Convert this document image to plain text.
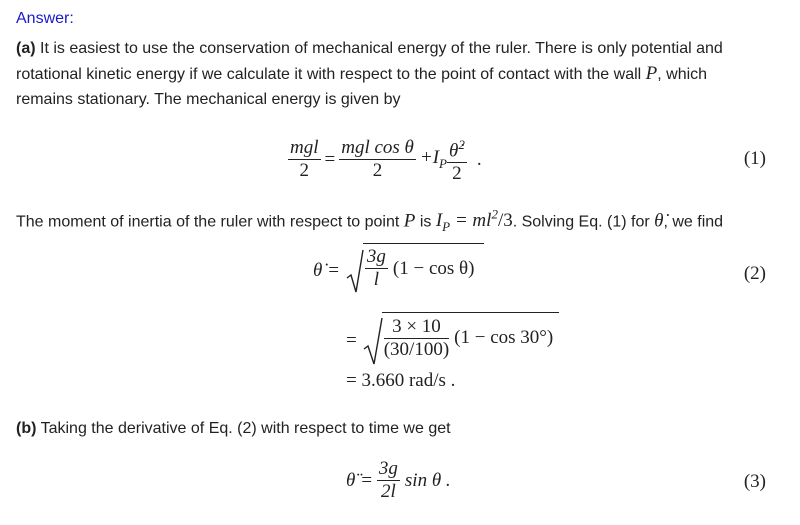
Answer:
(a) It is easiest to use the conservation of mechanical energy of the ruler. There is only potential and rotational kinetic energy if we calculate it with respect to the point of contact with the wall P, which remains stationary. The mechanical energy is given by
$\frac{\text{mgl}}{2} = \frac{\text{mgl cos θ}}{2} +I_P \frac{\thetȧ^2}{2}$ .	(1)
The moment of inertia of the ruler with respect to point P is $I_P = ml^2/3$. Solving Eq. (1) for θ̇, we find
θ̇ =	$\frac{3g}{l} (1 - \cos \theta)$	(2)
=	$\frac{3 \times 10}{(30/100)} (1 - \cos 30^\circ)$
= 3.660 rad/s .
(b) Taking the derivative of Eq. (2) with respect to time we get
θ̈ = $\frac{3g}{2l}$ sin θ .	(3)
